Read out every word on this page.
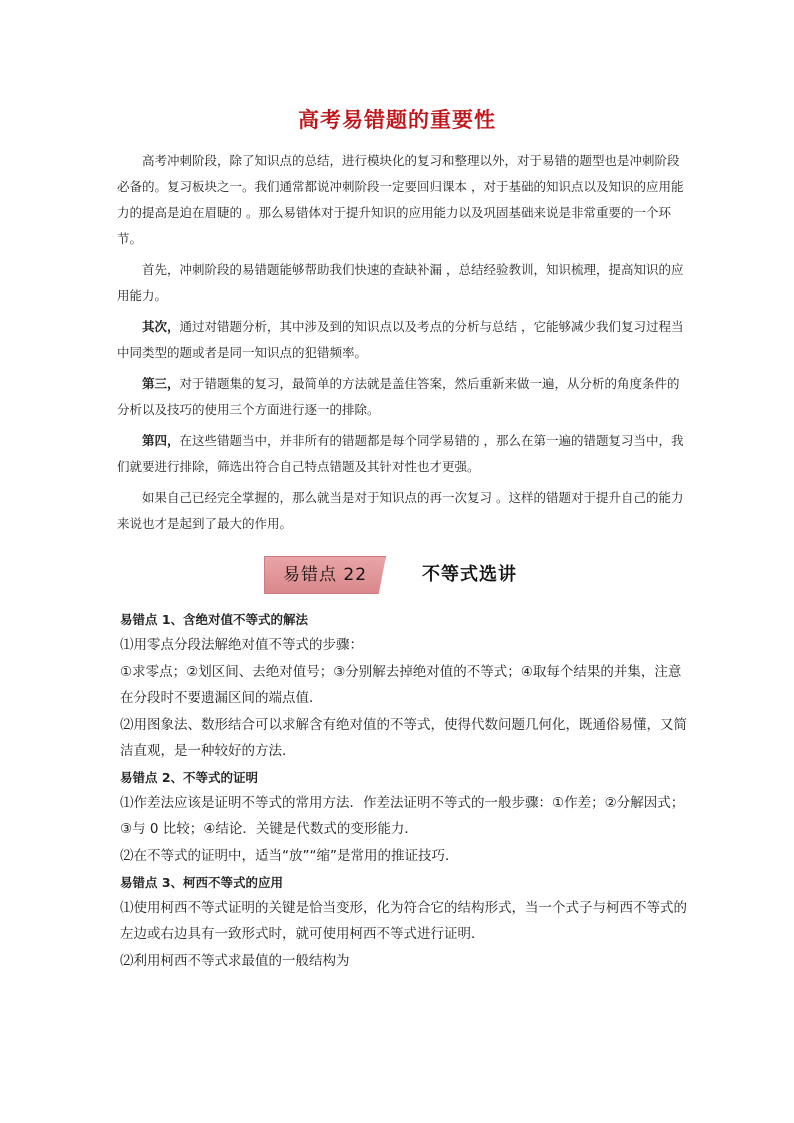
高考易错题的重要性

高考冲刺阶段，除了知识点的总结，进行模块化的复习和整理以外，对于易错的题型也是冲刺阶段必备的。复习板块之一。我们通常都说冲刺阶段一定要回归课本 ，对于基础的知识点以及知识的应用能力的提高是迫在眉睫的 。那么易错体对于提升知识的应用能力以及巩固基础来说是非常重要的一个环节。

首先，冲刺阶段的易错题能够帮助我们快速的查缺补漏 ，总结经验教训，知识梳理，提高知识的应用能力。

其次，通过对错题分析，其中涉及到的知识点以及考点的分析与总结 ，它能够减少我们复习过程当中同类型的题或者是同一知识点的犯错频率。

第三，对于错题集的复习，最简单的方法就是盖住答案，然后重新来做一遍，从分析的角度条件的分析以及技巧的使用三个方面进行逐一的排除。

第四，在这些错题当中，并非所有的错题都是每个同学易错的 ，那么在第一遍的错题复习当中，我们就要进行排除，筛选出符合自己特点错题及其针对性也才更强。

如果自己已经完全掌握的，那么就当是对于知识点的再一次复习 。这样的错题对于提升自己的能力来说也才是起到了最大的作用。

易错点 22	不等式选讲

易错点 1、含绝对值不等式的解法

⑴用零点分段法解绝对值不等式的步骤：

①求零点；②划区间、去绝对值号；③分别解去掉绝对值的不等式；④取每个结果的并集，注意在分段时不要遗漏区间的端点值．

⑵用图象法、数形结合可以求解含有绝对值的不等式，使得代数问题几何化，既通俗易懂，又简洁直观，是一种较好的方法．

易错点 2、不等式的证明

⑴作差法应该是证明不等式的常用方法．作差法证明不等式的一般步骤：①作差；②分解因式；③与 0 比较；④结论．关键是代数式的变形能力．

⑵在不等式的证明中，适当“放”“缩”是常用的推证技巧．

易错点 3、柯西不等式的应用

⑴使用柯西不等式证明的关键是恰当变形，化为符合它的结构形式，当一个式子与柯西不等式的左边或右边具有一致形式时，就可使用柯西不等式进行证明．

⑵利用柯西不等式求最值的一般结构为
